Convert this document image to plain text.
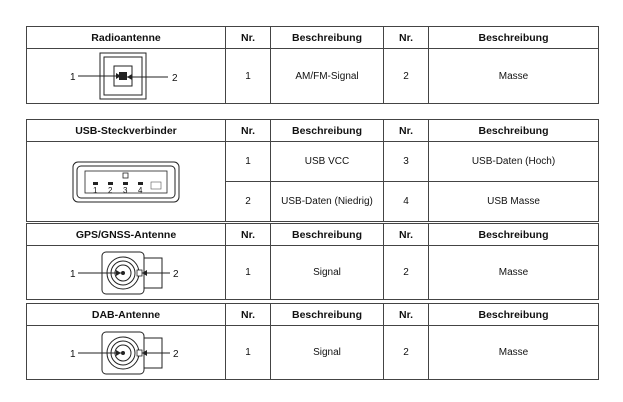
Radioantenne	Nr.	Beschreibung	Nr.	Beschreibung

1 2	1	AM/FM-Signal	2	Masse
USB-Steckverbinder	Nr.	Beschreibung	Nr.	Beschreibung

1 2 3 4	1	USB VCC	3	USB-Daten (Hoch)
	2	USB-Daten (Niedrig)	4	USB Masse
GPS/GNSS-Antenne	Nr.	Beschreibung	Nr.	Beschreibung

1 2	1	Signal	2	Masse
DAB-Antenne	Nr.	Beschreibung	Nr.	Beschreibung

1 2	1	Signal	2	Masse
